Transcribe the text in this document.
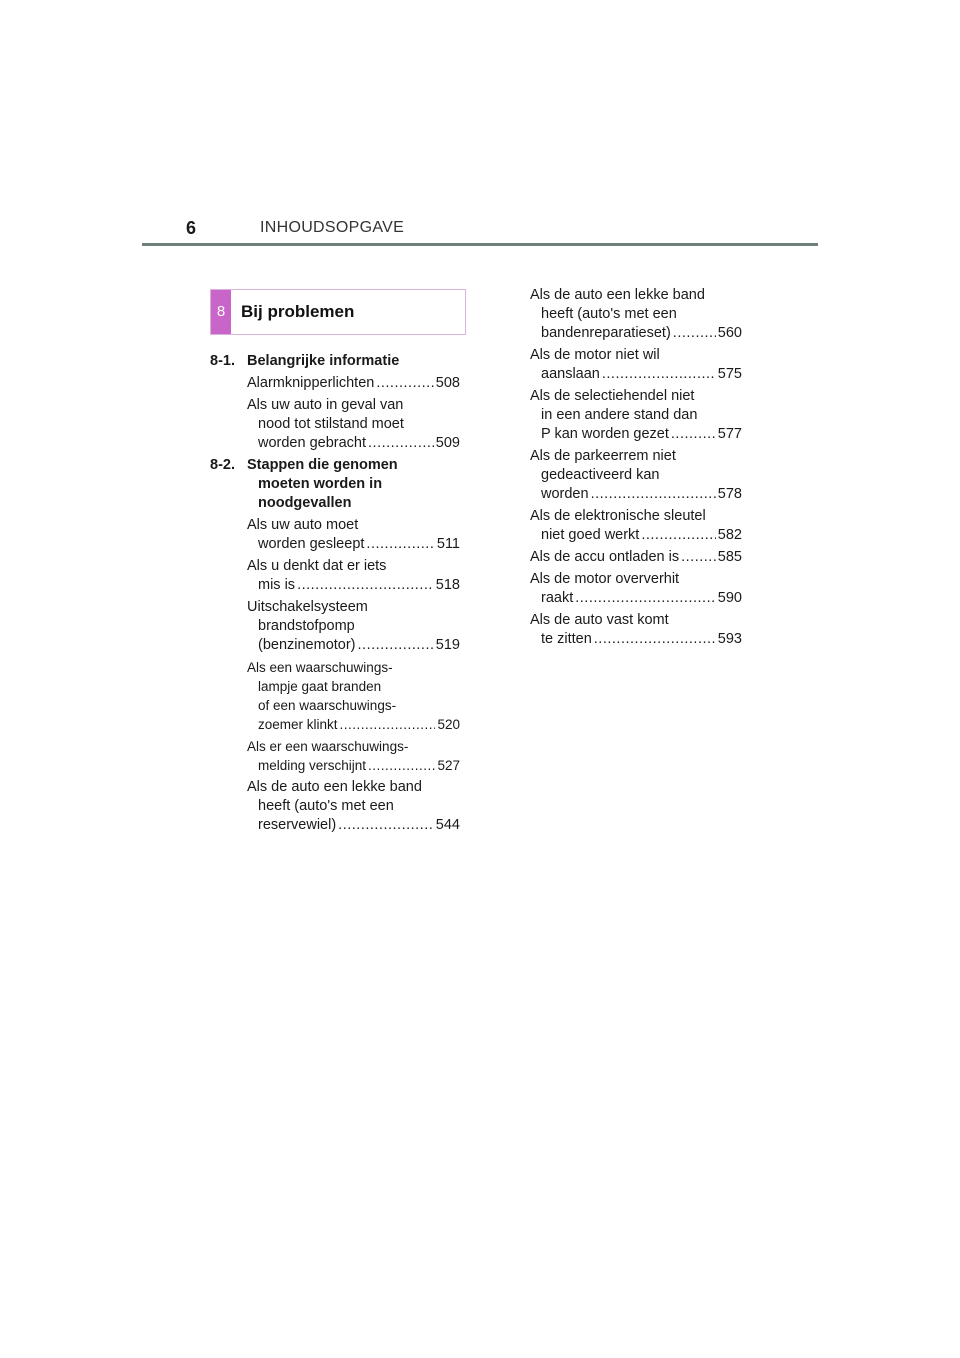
6	INHOUDSOPGAVE
8 Bij problemen
8-1. Belangrijke informatie
Alarmknipperlichten .....	508
Als uw auto in geval van
nood tot stilstand moet
worden gebracht .....	509
8-2. Stappen die genomen
moeten worden in
noodgevallen
Als uw auto moet
worden gesleept .....	511
Als u denkt dat er iets
mis is .....	518
Uitschakelsysteem
brandstofpomp
(benzinemotor) .....	519
Als een waarschuwings-
lampje gaat branden
of een waarschuwings-
zoemer klinkt .....	520
Als er een waarschuwings-
melding verschijnt .....	527
Als de auto een lekke band
heeft (auto's met een
reservewiel) .....	544
Als de auto een lekke band
heeft (auto's met een
bandenreparatieset) .....	560
Als de motor niet wil
aanslaan .....	575
Als de selectiehendel niet
in een andere stand dan
P kan worden gezet .....	577
Als de parkeerrem niet
gedeactiveerd kan
worden .....	578
Als de elektronische sleutel
niet goed werkt .....	582
Als de accu ontladen is .....	585
Als de motor oververhit
raakt .....	590
Als de auto vast komt
te zitten .....	593
